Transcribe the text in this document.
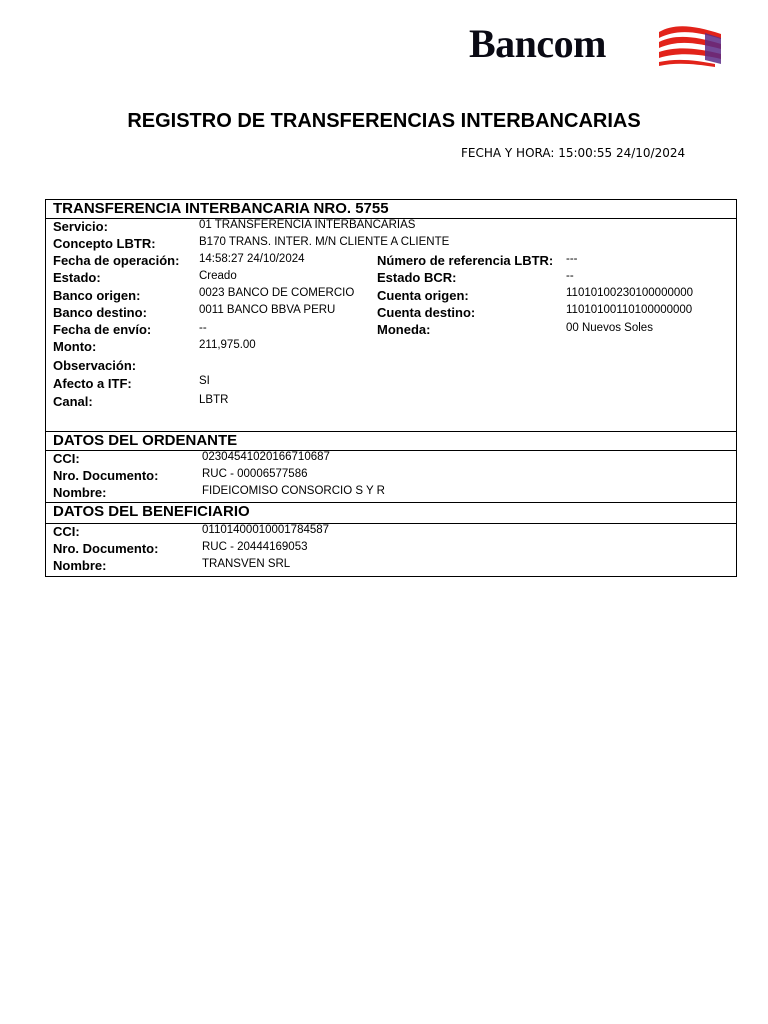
Bancom
REGISTRO DE TRANSFERENCIAS INTERBANCARIAS
FECHA Y HORA: 15:00:55 24/10/2024
TRANSFERENCIA INTERBANCARIA NRO. 5755
Servicio:	01 TRANSFERENCIA INTERBANCARIAS
Concepto LBTR:	B170 TRANS. INTER. M/N CLIENTE A CLIENTE
Fecha de operación: 14:58:27 24/10/2024	Número de referencia LBTR: ---
Estado:	Creado	Estado BCR:	--
Banco origen:	0023 BANCO DE COMERCIO Cuenta origen:	11010100230100000000
Banco destino:	0011 BANCO BBVA PERU	Cuenta destino:	11010100110100000000
Fecha de envío:	--	Moneda:	00 Nuevos Soles
Monto:	211,975.00
Observación:
Afecto a ITF:	SI
Canal:	LBTR
DATOS DEL ORDENANTE
CCI:	02304541020166710687
Nro. Documento:	RUC - 00006577586
Nombre:	FIDEICOMISO CONSORCIO S Y R
DATOS DEL BENEFICIARIO
CCI:	01101400010001784587
Nro. Documento:	RUC - 20444169053
Nombre:	TRANSVEN SRL
